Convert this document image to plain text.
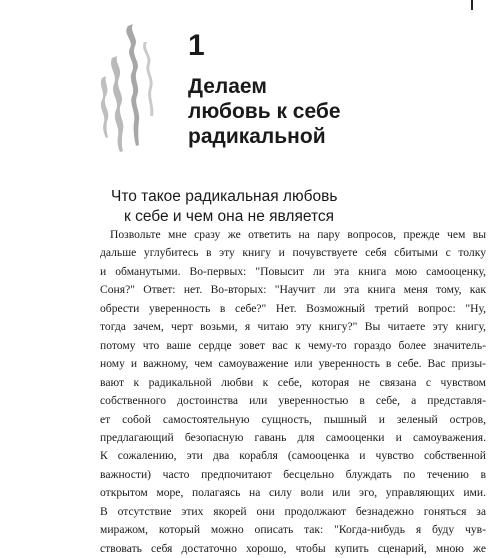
1
Делаем
любовь к себе
радикальной
Что такое радикальная любовь
к себе и чем она не является
Позвольте мне сразу же ответить на пару вопросов, прежде чем вы
дальше углубитесь в эту книгу и почувствуете себя сбитыми с толку
и обманутыми. Во-первых: "Повысит ли эта книга мою самооценку,
Соня?" Ответ: нет. Во-вторых: "Научит ли эта книга меня тому, как
обрести уверенность в себе?" Нет. Возможный третий вопрос: "Ну,
тогда зачем, черт возьми, я читаю эту книгу?" Вы читаете эту книгу,
потому что ваше сердце зовет вас к чему-то гораздо более значитель-
ному и важному, чем самоуважение или уверенность в себе. Вас призы-
вают к радикальной любви к себе, которая не связана с чувством
собственного достоинства или уверенностью в себе, а представля-
ет собой самостоятельную сущность, пышный и зеленый остров,
предлагающий безопасную гавань для самооценки и самоуважения.
К сожалению, эти два корабля (самооценка и чувство собственной
важности) часто предпочитают бесцельно блуждать по течению в
открытом море, полагаясь на силу воли или эго, управляющих ими.
В отсутствие этих якорей они продолжают безнадежно гоняться за
миражом, который можно описать так: "Когда-нибудь я буду чув-
ствовать себя достаточно хорошо, чтобы купить сценарий, мною же
